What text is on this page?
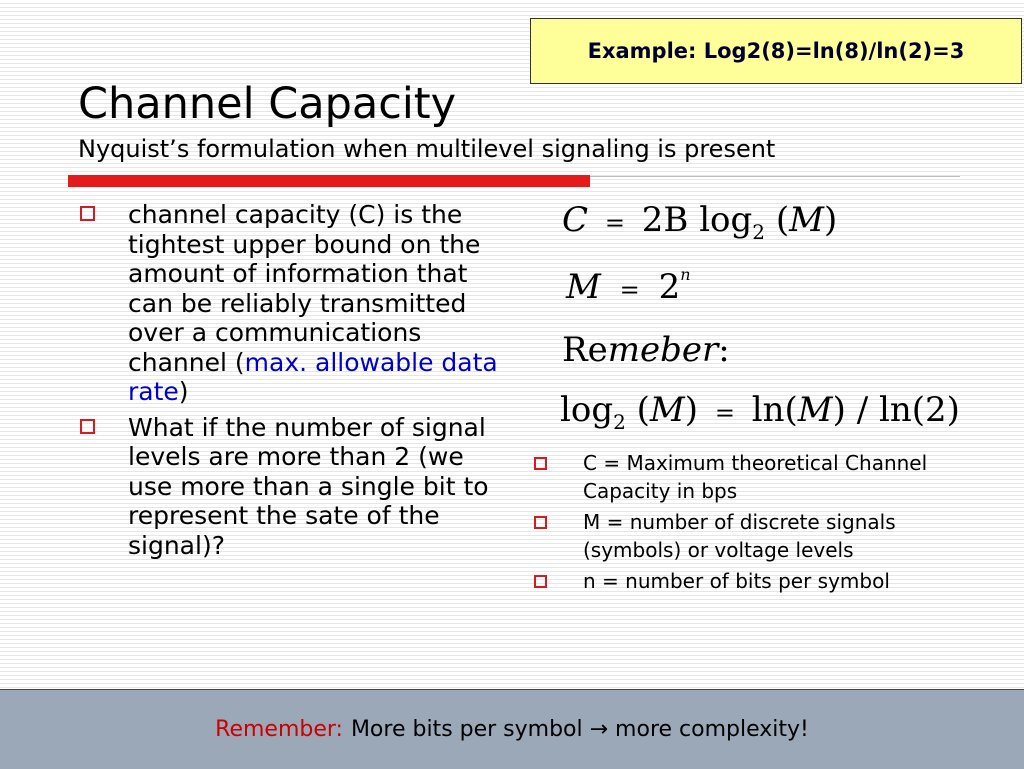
Example: Log2(8)=ln(8)/ln(2)=3
Channel Capacity
Nyquist’s formulation when multilevel signaling is present
channel capacity (C) is the tightest upper bound on the amount of information that can be reliably transmitted over a communications channel (max. allowable data rate)
What if the number of signal levels are more than 2 (we use more than a single bit to represent the sate of the signal)?
C = 2B $\log_2 (M)$
$M = 2^n$
Remeber:
$\log_2 (M) = \ln(M) / \ln(2)$
C = Maximum theoretical Channel Capacity in bps
M = number of discrete signals (symbols) or voltage levels
n = number of bits per symbol
Remember: More bits per symbol → more complexity!
